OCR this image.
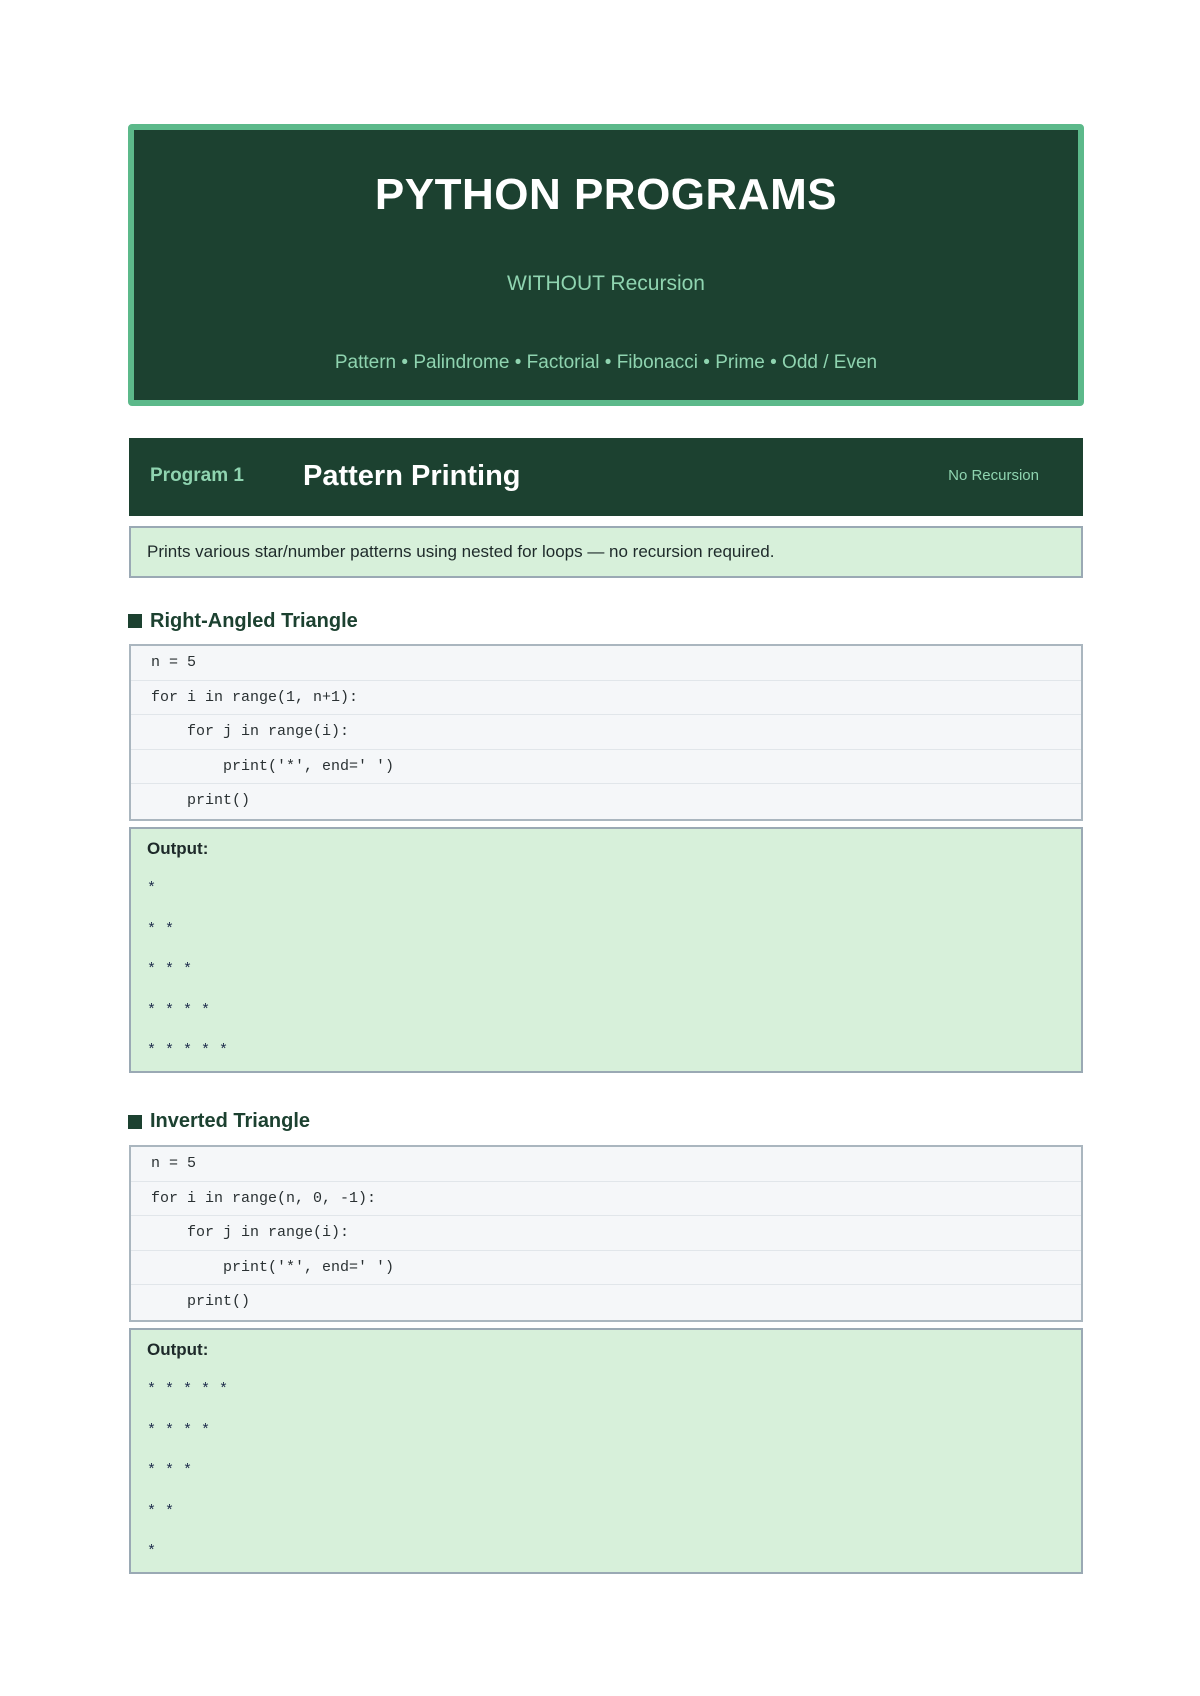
PYTHON PROGRAMS
WITHOUT Recursion
Pattern • Palindrome • Factorial • Fibonacci • Prime • Odd / Even
Program 1 Pattern Printing	No Recursion
Prints various star/number patterns using nested for loops — no recursion required.
Right-Angled Triangle
n = 5
for i in range(1, n+1):
for j in range(i):
print('*', end=' ')
print()
Output:
*
* *
* * *
* * * *
* * * * *
Inverted Triangle
n = 5
for i in range(n, 0, -1):
for j in range(i):
print('*', end=' ')
print()
Output:
* * * * *
* * * *
* * *
* *
*
